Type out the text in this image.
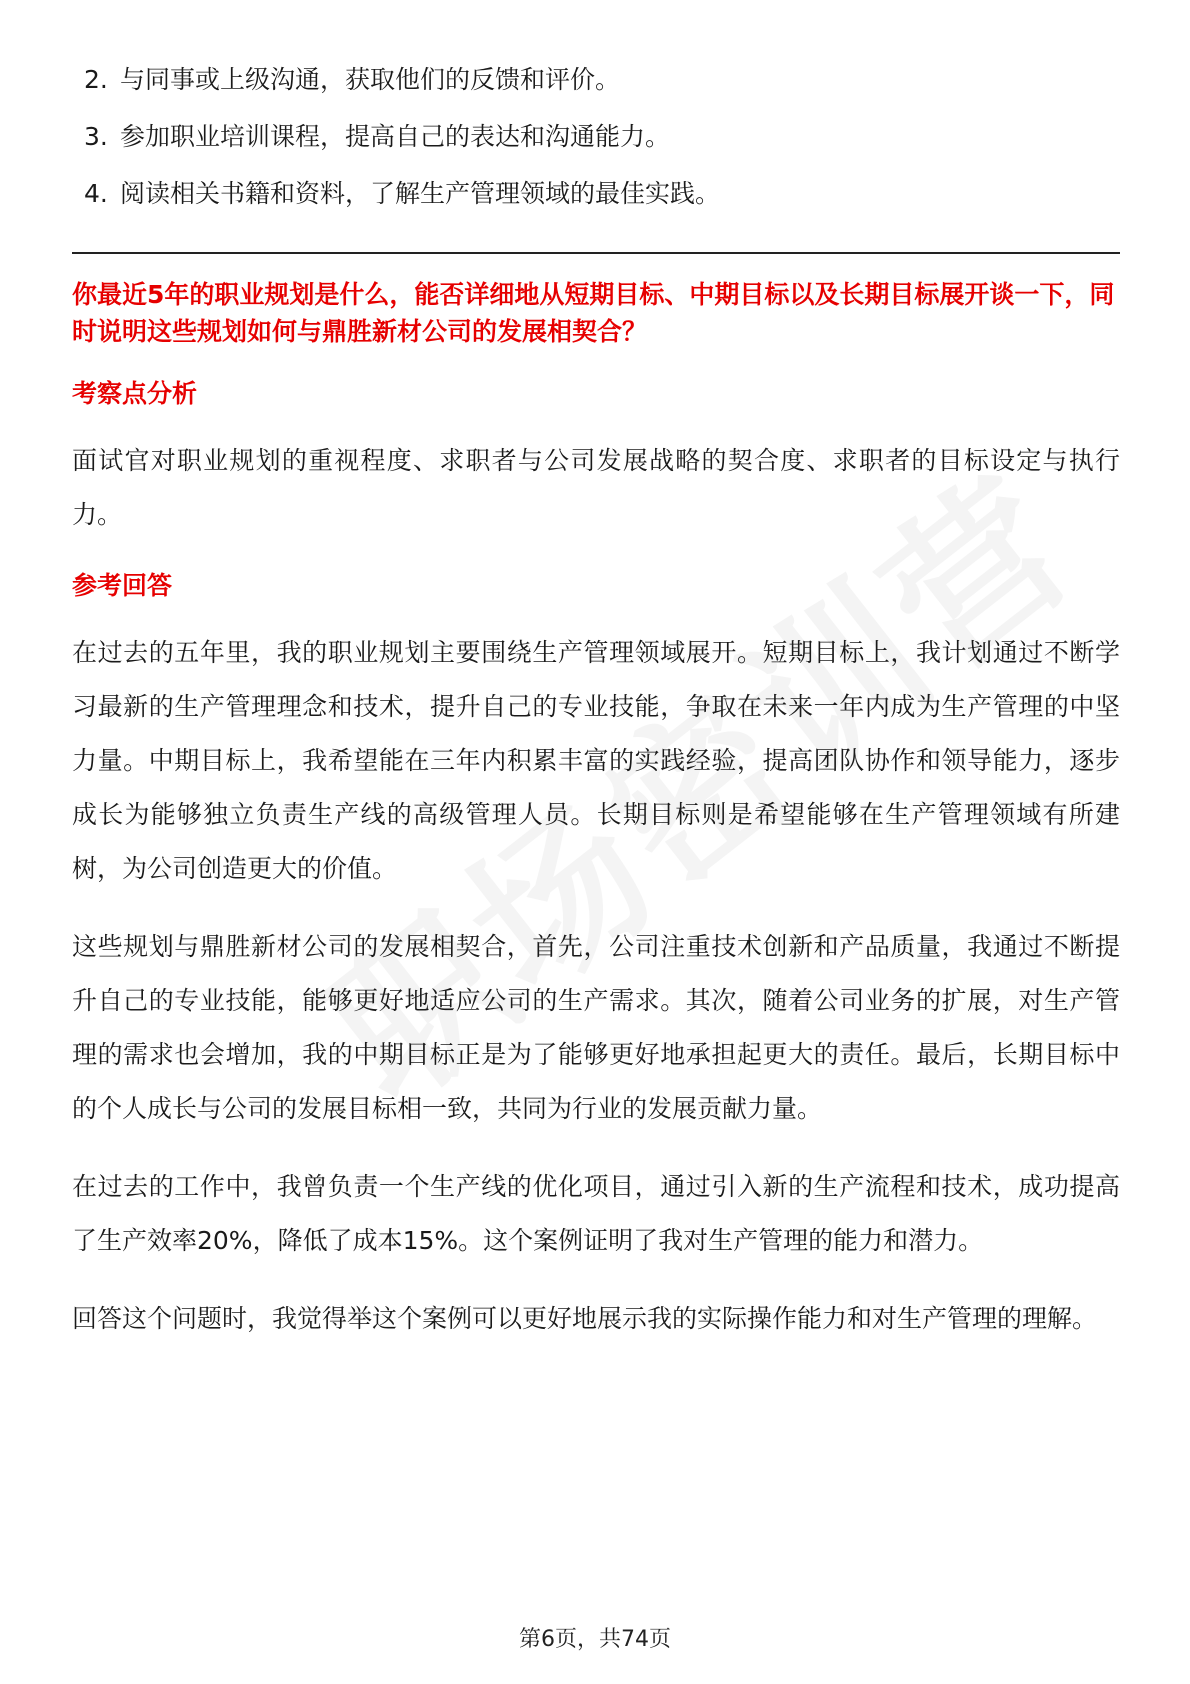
2. 与同事或上级沟通，获取他们的反馈和评价。
3. 参加职业培训课程，提高自己的表达和沟通能力。
4. 阅读相关书籍和资料，了解生产管理领域的最佳实践。
你最近5年的职业规划是什么，能否详细地从短期目标、中期目标以及长期目标展开谈一下，同时说明这些规划如何与鼎胜新材公司的发展相契合？
考察点分析
面试官对职业规划的重视程度、求职者与公司发展战略的契合度、求职者的目标设定与执行力。
参考回答
在过去的五年里，我的职业规划主要围绕生产管理领域展开。短期目标上，我计划通过不断学习最新的生产管理理念和技术，提升自己的专业技能，争取在未来一年内成为生产管理的中坚力量。中期目标上，我希望能在三年内积累丰富的实践经验，提高团队协作和领导能力，逐步成长为能够独立负责生产线的高级管理人员。长期目标则是希望能够在生产管理领域有所建树，为公司创造更大的价值。
这些规划与鼎胜新材公司的发展相契合，首先，公司注重技术创新和产品质量，我通过不断提升自己的专业技能，能够更好地适应公司的生产需求。其次，随着公司业务的扩展，对生产管理的需求也会增加，我的中期目标正是为了能够更好地承担起更大的责任。最后，长期目标中的个人成长与公司的发展目标相一致，共同为行业的发展贡献力量。
在过去的工作中，我曾负责一个生产线的优化项目，通过引入新的生产流程和技术，成功提高了生产效率20%，降低了成本15%。这个案例证明了我对生产管理的能力和潜力。
回答这个问题时，我觉得举这个案例可以更好地展示我的实际操作能力和对生产管理的理解。
第6页，共74页
